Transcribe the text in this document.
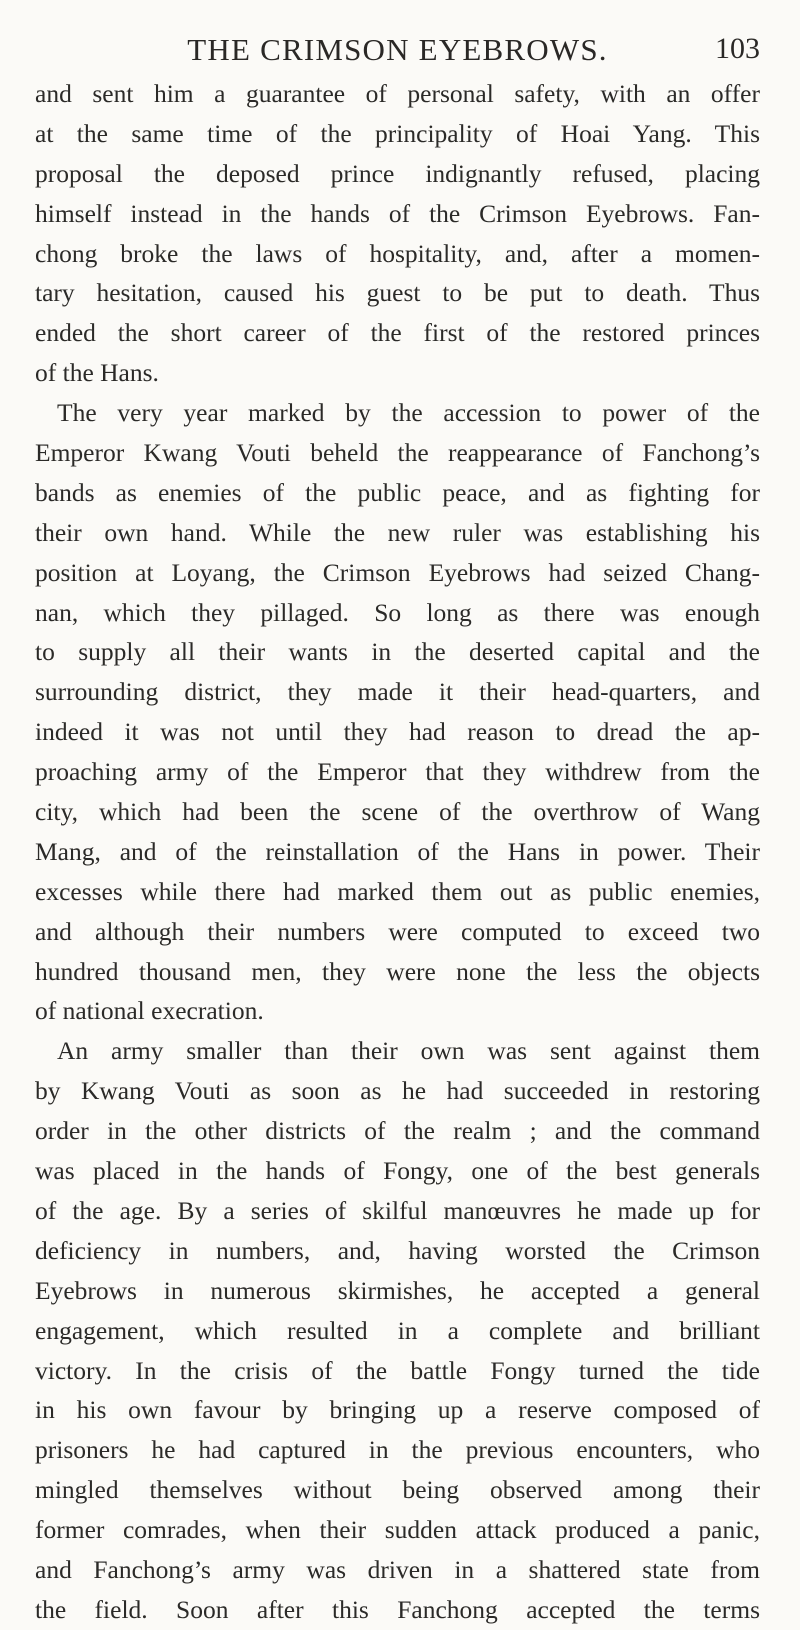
THE CRIMSON EYEBROWS.	103
and sent him a guarantee of personal safety, with an offer
at the same time of the principality of Hoai Yang. This
proposal the deposed prince indignantly refused, placing
himself instead in the hands of the Crimson Eyebrows. Fan-
chong broke the laws of hospitality, and, after a momen-
tary hesitation, caused his guest to be put to death. Thus
ended the short career of the first of the restored princes
of the Hans.
The very year marked by the accession to power of the
Emperor Kwang Vouti beheld the reappearance of Fanchong’s
bands as enemies of the public peace, and as fighting for
their own hand. While the new ruler was establishing his
position at Loyang, the Crimson Eyebrows had seized Chang-
nan, which they pillaged. So long as there was enough
to supply all their wants in the deserted capital and the
surrounding district, they made it their head-quarters, and
indeed it was not until they had reason to dread the ap-
proaching army of the Emperor that they withdrew from the
city, which had been the scene of the overthrow of Wang
Mang, and of the reinstallation of the Hans in power. Their
excesses while there had marked them out as public enemies,
and although their numbers were computed to exceed two
hundred thousand men, they were none the less the objects
of national execration.
An army smaller than their own was sent against them
by Kwang Vouti as soon as he had succeeded in restoring
order in the other districts of the realm ; and the command
was placed in the hands of Fongy, one of the best generals
of the age. By a series of skilful manœuvres he made up for
deficiency in numbers, and, having worsted the Crimson
Eyebrows in numerous skirmishes, he accepted a general
engagement, which resulted in a complete and brilliant
victory. In the crisis of the battle Fongy turned the tide
in his own favour by bringing up a reserve composed of
prisoners he had captured in the previous encounters, who
mingled themselves without being observed among their
former comrades, when their sudden attack produced a panic,
and Fanchong’s army was driven in a shattered state from
the field. Soon after this Fanchong accepted the terms
